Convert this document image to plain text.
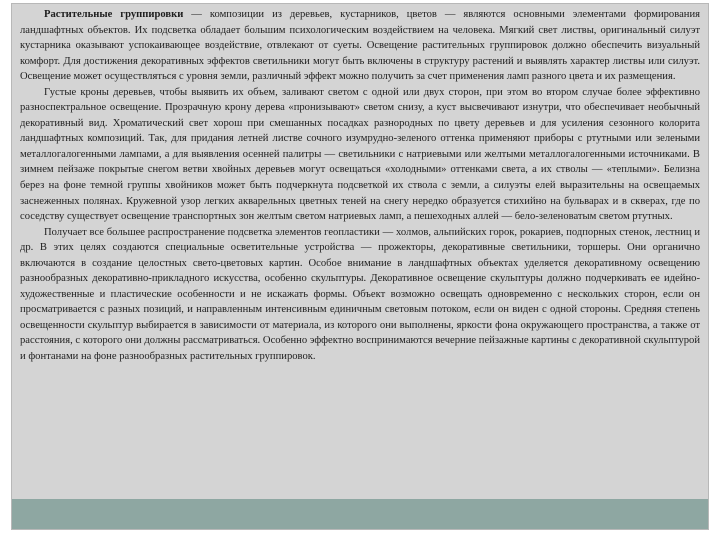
Растительные группировки — композиции из деревьев, кустарников, цветов — являются основными элементами формирования ландшафтных объектов. Их подсветка обладает большим психологическим воздействием на человека. Мягкий свет листвы, оригинальный силуэт кустарника оказывают успокаивающее воздействие, отвлекают от суеты. Освещение растительных группировок должно обеспечить визуальный комфорт. Для достижения декоративных эффектов светильники могут быть включены в структуру растений и выявлять характер листвы или силуэт. Освещение может осуществляться с уровня земли, различный эффект можно получить за счет применения ламп разного цвета и их размещения.

Густые кроны деревьев, чтобы выявить их объем, заливают светом с одной или двух сторон, при этом во втором случае более эффективно разноспектральное освещение. Прозрачную крону дерева «пронизывают» светом снизу, а куст высвечивают изнутри, что обеспечивает необычный декоративный вид. Хроматический свет хорош при смешанных посадках разнородных по цвету деревьев и для усиления сезонного колорита ландшафтных композиций. Так, для придания летней листве сочного изумрудно-зеленого оттенка применяют приборы с ртутными или зелеными металлогалогенными лампами, а для выявления осенней палитры — светильники с натриевыми или желтыми металлогалогенными источниками. В зимнем пейзаже покрытые снегом ветви хвойных деревьев могут освещаться «холодными» оттенками света, а их стволы — «теплыми». Белизна берез на фоне темной группы хвойников может быть подчеркнута подсветкой их ствола с земли, а силуэты елей выразительны на освещаемых заснеженных полянах. Кружевной узор легких акварельных цветных теней на снегу нередко образуется стихийно на бульварах и в скверах, где по соседству существует освещение транспортных зон желтым светом натриевых ламп, а пешеходных аллей — бело-зеленоватым светом ртутных.

Получает все большее распространение подсветка элементов геопластики — холмов, альпийских горок, рокариев, подпорных стенок, лестниц и др. В этих целях создаются специальные осветительные устройства — прожекторы, декоративные светильники, торшеры. Они органично включаются в создание целостных свето-цветовых картин. Особое внимание в ландшафтных объектах уделяется декоративному освещению разнообразных декоративно-прикладного искусства, особенно скульптуры. Декоративное освещение скульптуры должно подчеркивать ее идейно-художественные и пластические особенности и не искажать формы. Объект возможно освещать одновременно с нескольких сторон, если он просматривается с разных позиций, и направленным интенсивным единичным световым потоком, если он виден с одной стороны. Средняя степень освещенности скульптур выбирается в зависимости от материала, из которого они выполнены, яркости фона окружающего пространства, а также от расстояния, с которого они должны рассматриваться. Особенно эффектно воспринимаются вечерние пейзажные картины с декоративной скульптурой и фонтанами на фоне разнообразных растительных группировок.
